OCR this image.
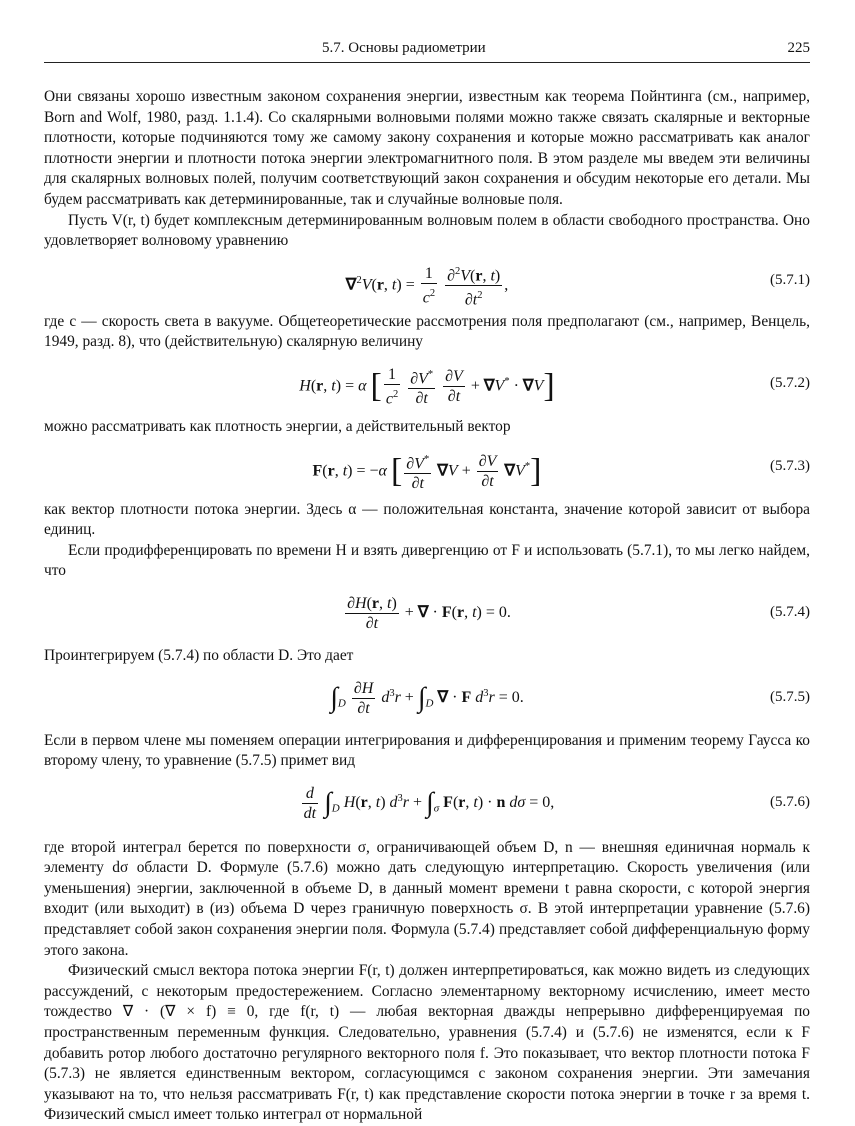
5.7. Основы радиометрии	225

Они связаны хорошо известным законом сохранения энергии, известным как теорема Пойнтинга (см., например, Born and Wolf, 1980, разд. 1.1.4). Со скалярными волновыми полями можно также связать скалярные и векторные плотности, которые подчиняются тому же самому закону сохранения и которые можно рассматривать как аналог плотности энергии и плотности потока энергии электромагнитного поля. В этом разделе мы введем эти величины для скалярных волновых полей, получим соответствующий закон сохранения и обсудим некоторые его детали. Мы будем рассматривать как детерминированные, так и случайные волновые поля.

Пусть V(r, t) будет комплексным детерминированным волновым полем в области свободного пространства. Оно удовлетворяет волновому уравнению

∇$^2$V(r, $t) = \frac{1}{c^2}$
$\frac{\partial^2V(r, t)}{\partial t^2}$ ,	(5.7.1)

где c — скорость света в вакууме. Общетеоретические рассмотрения поля предполагают (см., например, Венцель, 1949, разд. 8), что (действительную) скалярную величину

H(r, t) = α [ $\frac{1}{c^2}$
$\frac{\partial V^*}{\partial t}$
$\frac{\partial V}{\partial t} + \nabla V^* \cdot \nabla V$]	(5.7.2)

можно рассматривать как плотность энергии, а действительный вектор

F(r, t) = −α [ $\frac{\partial V^*}{\partial t} \nabla V + \frac{\partial V}{\partial t} \nabla V^*$]	(5.7.3)

как вектор плотности потока энергии. Здесь α — положительная константа, значение которой зависит от выбора единиц.

Если продифференцировать по времени H и взять дивергенцию от F и использовать (5.7.1), то мы легко найдем, что

$\frac{\partial H(r, t)}{\partial t}$ + ∇ · F(r, t) = 0.	(5.7.4)

Проинтегрируем (5.7.4) по области D. Это дает

$\int_D \frac{\partial H}{\partial t} d^3r + \int_D$ ∇ · F $d^3r = 0$.	(5.7.5)

Если в первом члене мы поменяем операции интегрирования и дифференцирования и применим теорему Гаусса ко второму члену, то уравнение (5.7.5) примет вид

$\frac{d}{dt} \int_D$ H(r, t) $d^3r + \int_\sigma$ F(r, t) · n dσ = 0,	(5.7.6)

где второй интеграл берется по поверхности σ, ограничивающей объем D, n — внешняя единичная нормаль к элементу dσ области D. Формуле (5.7.6) можно дать следующую интерпретацию. Скорость увеличения (или уменьшения) энергии, заключенной в объеме D, в данный момент времени t равна скорости, с которой энергия входит (или выходит) в (из) объема D через граничную поверхность σ. В этой интерпретации уравнение (5.7.6) представляет собой закон сохранения энергии поля. Формула (5.7.4) представляет собой дифференциальную форму этого закона.

Физический смысл вектора потока энергии F(r, t) должен интерпретироваться, как можно видеть из следующих рассуждений, с некоторым предостережением. Согласно элементарному векторному исчислению, имеет место тождество ∇ · (∇ × f) ≡ 0, где f(r, t) — любая векторная дважды непрерывно дифференцируемая по пространственным переменным функция. Следовательно, уравнения (5.7.4) и (5.7.6) не изменятся, если к F добавить ротор любого достаточно регулярного векторного поля f. Это показывает, что вектор плотности потока F (5.7.3) не является единственным вектором, согласующимся с законом сохранения энергии. Эти замечания указывают на то, что нельзя рассматривать F(r, t) как представление скорости потока энергии в точке r за время t. Физический смысл имеет только интеграл от нормальной
